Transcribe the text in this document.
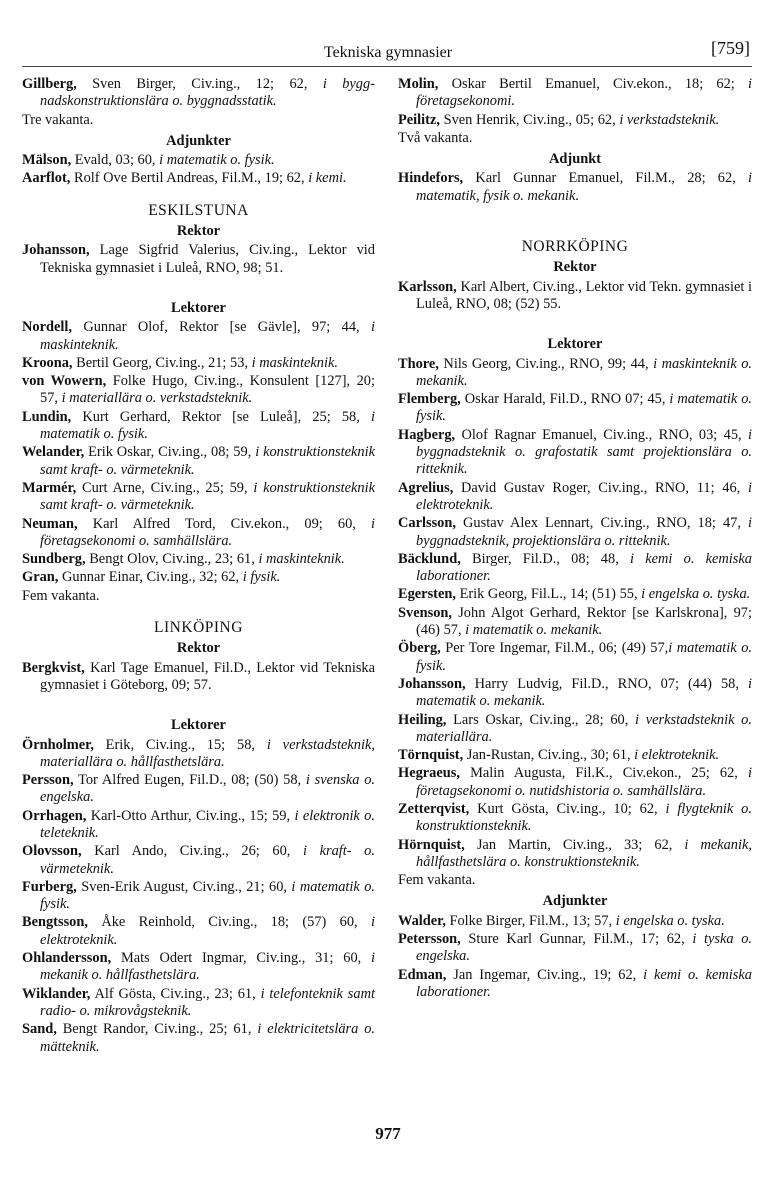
Tekniska gymnasier	[759]

Gillberg, Sven Birger, Civ.ing., 12; 62, i byggnadskonstruktionslära o. byggnadsstatik.

Tre vakanta.
Adjunkter

Mälson, Evald, 03; 60, i matematik o. fysik.

Aarflot, Rolf Ove Bertil Andreas, Fil.M., 19; 62, i kemi.

ESKILSTUNA
Rektor

Johansson, Lage Sigfrid Valerius, Civ.ing., Lektor vid Tekniska gymnasiet i Luleå, RNO, 98; 51.

Lektorer

Nordell, Gunnar Olof, Rektor [se Gävle], 97; 44, i maskinteknik.

Kroona, Bertil Georg, Civ.ing., 21; 53, i maskinteknik.

von Wowern, Folke Hugo, Civ.ing., Konsulent [127], 20; 57, i materiallära o. verkstadsteknik.

Lundin, Kurt Gerhard, Rektor [se Luleå], 25; 58, i matematik o. fysik.

Welander, Erik Oskar, Civ.ing., 08; 59, i konstruktionsteknik samt kraft- o. värmeteknik.

Marmér, Curt Arne, Civ.ing., 25; 59, i konstruktionsteknik samt kraft- o. värmeteknik.

Neuman, Karl Alfred Tord, Civ.ekon., 09; 60, i företagsekonomi o. samhällslära.

Sundberg, Bengt Olov, Civ.ing., 23; 61, i maskinteknik.

Gran, Gunnar Einar, Civ.ing., 32; 62, i fysik.

Fem vakanta.
LINKÖPING
Rektor

Bergkvist, Karl Tage Emanuel, Fil.D., Lektor vid Tekniska gymnasiet i Göteborg, 09; 57.

Lektorer

Örnholmer, Erik, Civ.ing., 15; 58, i verkstadsteknik, materiallära o. hållfasthetslära.

Persson, Tor Alfred Eugen, Fil.D., 08; (50) 58, i svenska o. engelska.

Orrhagen, Karl-Otto Arthur, Civ.ing., 15; 59, i elektronik o. teleteknik.

Olovsson, Karl Ando, Civ.ing., 26; 60, i kraft- o. värmeteknik.

Furberg, Sven-Erik August, Civ.ing., 21; 60, i matematik o. fysik.

Bengtsson, Åke Reinhold, Civ.ing., 18; (57) 60, i elektroteknik.

Ohlandersson, Mats Odert Ingmar, Civ.ing., 31; 60, i mekanik o. hållfasthetslära.

Wiklander, Alf Gösta, Civ.ing., 23; 61, i telefonteknik samt radio- o. mikrovågsteknik.

Sand, Bengt Randor, Civ.ing., 25; 61, i elektricitetslära o. mätteknik.

Molin, Oskar Bertil Emanuel, Civ.ekon., 18; 62; i företagsekonomi.

Peilitz, Sven Henrik, Civ.ing., 05; 62, i verkstadsteknik.

Två vakanta.
Adjunkt

Hindefors, Karl Gunnar Emanuel, Fil.M., 28; 62, i matematik, fysik o. mekanik.

NORRKÖPING
Rektor

Karlsson, Karl Albert, Civ.ing., Lektor vid Tekn. gymnasiet i Luleå, RNO, 08; (52) 55.

Lektorer

Thore, Nils Georg, Civ.ing., RNO, 99; 44, i maskinteknik o. mekanik.

Flemberg, Oskar Harald, Fil.D., RNO 07; 45, i matematik o. fysik.

Hagberg, Olof Ragnar Emanuel, Civ.ing., RNO, 03; 45, i byggnadsteknik o. grafostatik samt projektionslära o. ritteknik.

Agrelius, David Gustav Roger, Civ.ing., RNO, 11; 46, i elektroteknik.

Carlsson, Gustav Alex Lennart, Civ.ing., RNO, 18; 47, i byggnadsteknik, projektionslära o. ritteknik.

Bäcklund, Birger, Fil.D., 08; 48, i kemi o. kemiska laborationer.

Egersten, Erik Georg, Fil.L., 14; (51) 55, i engelska o. tyska.

Svenson, John Algot Gerhard, Rektor [se Karlskrona], 97; (46) 57, i matematik o. mekanik.

Öberg, Per Tore Ingemar, Fil.M., 06; (49) 57,i matematik o. fysik.

Johansson, Harry Ludvig, Fil.D., RNO, 07; (44) 58, i matematik o. mekanik.

Heiling, Lars Oskar, Civ.ing., 28; 60, i verkstadsteknik o. materiallära.

Törnquist, Jan-Rustan, Civ.ing., 30; 61, i elektroteknik.

Hegraeus, Malin Augusta, Fil.K., Civ.ekon., 25; 62, i företagsekonomi o. nutidshistoria o. samhällslära.

Zetterqvist, Kurt Gösta, Civ.ing., 10; 62, i flygteknik o. konstruktionsteknik.

Hörnquist, Jan Martin, Civ.ing., 33; 62, i mekanik, hållfasthetslära o. konstruktionsteknik.

Fem vakanta.
Adjunkter

Walder, Folke Birger, Fil.M., 13; 57, i engelska o. tyska.

Petersson, Sture Karl Gunnar, Fil.M., 17; 62, i tyska o. engelska.

Edman, Jan Ingemar, Civ.ing., 19; 62, i kemi o. kemiska laborationer.

977
